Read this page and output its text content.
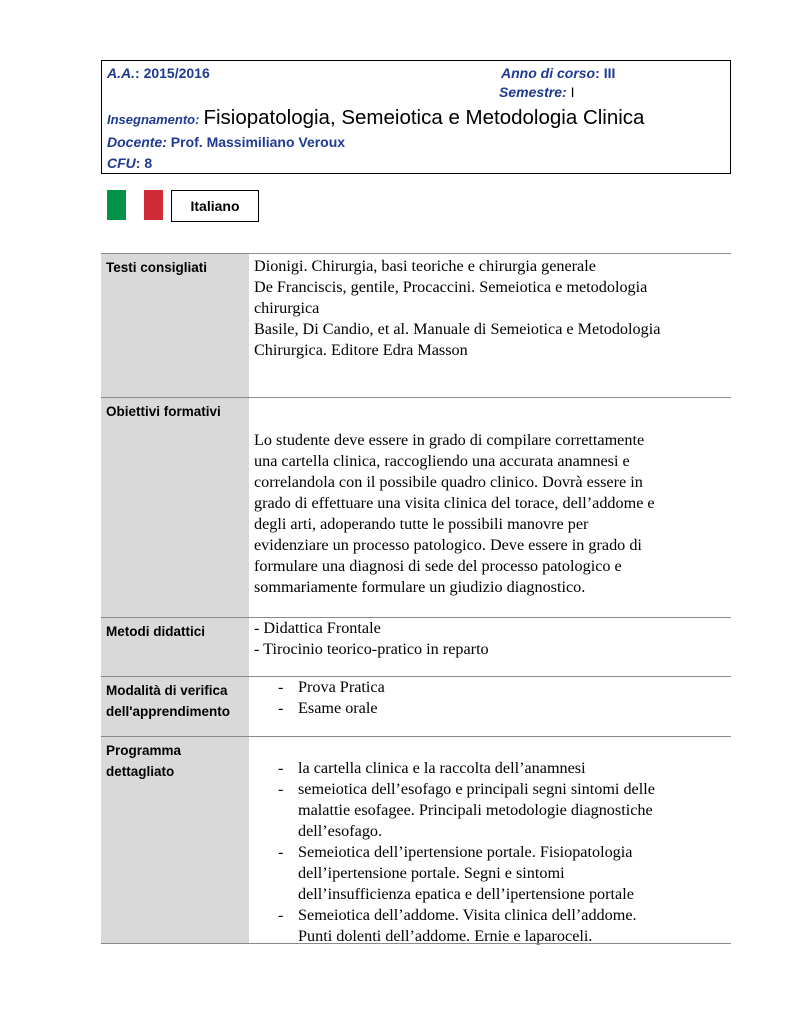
A.A.: 2015/2016	Anno di corso: III
Semestre: I
Insegnamento: Fisiopatologia, Semeiotica e Metodologia Clinica
Docente: Prof. Massimiliano Veroux
CFU: 8
Italiano
Testi consigliati	Dionigi. Chirurgia, basi teoriche e chirurgia generale
De Franciscis, gentile, Procaccini. Semeiotica e metodologia
chirurgica
Basile, Di Candio, et al. Manuale di Semeiotica e Metodologia
Chirurgica. Editore Edra Masson
Obiettivi formativi
Lo studente deve essere in grado di compilare correttamente
una cartella clinica, raccogliendo una accurata anamnesi e
correlandola con il possibile quadro clinico. Dovrà essere in
grado di effettuare una visita clinica del torace, dell’addome e
degli arti, adoperando tutte le possibili manovre per
evidenziare un processo patologico. Deve essere in grado di
formulare una diagnosi di sede del processo patologico e
sommariamente formulare un giudizio diagnostico.
Metodi didattici	- Didattica Frontale
- Tirocinio teorico-pratico in reparto
Modalità di verifica
dell'apprendimento
- Prova Pratica
- Esame orale
Programma
dettagliato
-	la cartella clinica e la raccolta dell’anamnesi
- semeiotica dell’esofago e principali segni sintomi delle
malattie esofagee. Principali metodologie diagnostiche
dell’esofago.
- Semeiotica dell’ipertensione portale. Fisiopatologia
dell’ipertensione portale. Segni e sintomi
dell’insufficienza epatica e dell’ipertensione portale
- Semeiotica dell’addome. Visita clinica dell’addome.
Punti dolenti dell’addome. Ernie e laparoceli.
